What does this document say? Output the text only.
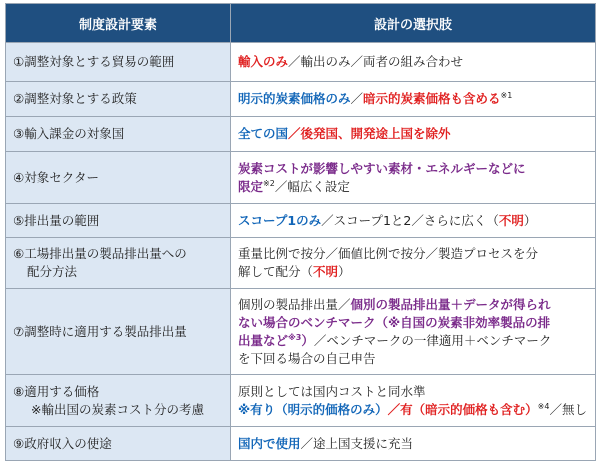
制度設計要素	設計の選択肢
①調整対象とする貿易の範囲	輸入のみ／輸出のみ／両者の組み合わせ
②調整対象とする政策	明示的炭素価格のみ／暗示的炭素価格も含める$^{※1}$
③輸入課金の対象国	全ての国／後発国、開発途上国を除外
④対象セクター	炭素コストが影響しやすい素材・エネルギーなどに
限定$^{※2}$／幅広く設定
⑤排出量の範囲	スコープ1のみ／スコープ1と2／さらに広く（不明）
⑥工場排出量の製品排出量への
配分方法	重量比例で按分／価値比例で按分／製造プロセスを分
解して配分（不明）
⑦調整時に適用する製品排出量	個別の製品排出量／個別の製品排出量＋データが得られ
ない場合のベンチマーク（※自国の炭素非効率製品の排
出量など$^{※3}$）／ベンチマークの一律適用＋ベンチマーク
を下回る場合の自己申告
⑧適用する価格
※輸出国の炭素コスト分の考慮	原則としては国内コストと同水準
※有り（明示的価格のみ）／有（暗示的価格も含む）$^{※4}$／無し
⑨政府収入の使途	国内で使用／途上国支援に充当
